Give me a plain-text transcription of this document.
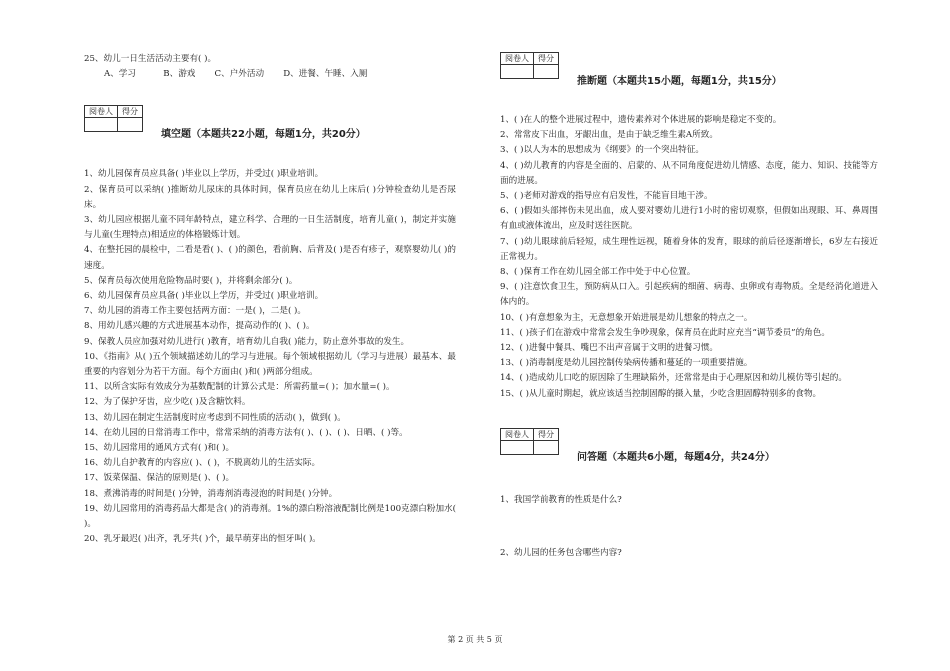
25、幼儿一日生活活动主要有( )。
A、学习          B、游戏       C、户外活动       D、进餐、午睡、入厕
阅卷人	得分

填空题（本题共22小题，每题1分，共20分）
1、幼儿园保育员应具备( )毕业以上学历，并受过( )职业培训。
2、保育员可以采纳( )推断幼儿尿床的具体时间，保育员应在幼儿上床后( )分钟检查幼儿是否尿床。
3、幼儿园应根据儿童不同年龄特点，建立科学、合理的一日生活制度，培育儿童( )，制定并实施与儿童(生理特点)相适应的体格锻炼计划。
4、在整托园的晨检中，二看是看( )、( )的颜色，看前胸、后背及( )是否有疹子，观察婴幼儿( )的速度。
5、保育员每次使用危险物品时要( )，并将剩余部分( )。
6、幼儿园保育员应具备( )毕业以上学历，并受过( )职业培训。
7、幼儿园的消毒工作主要包括两方面：一是( )，二是( )。
8、用幼儿感兴趣的方式进展基本动作，提高动作的( )、( )。
9、保教人员应加强对幼儿进行( )教育，培育幼儿自我( )能力，防止意外事故的发生。
10、《指南》从( )五个领域描述幼儿的学习与进展。每个领域根据幼儿（学习与进展）最基本、最重要的内容划分为若干方面。每个方面由( )和( )两部分组成。
11、以所含实际有效成分为基数配制的计算公式是：所需药量=( )；加水量=( )。
12、为了保护牙齿，应少吃( )及含糖饮料。
13、幼儿园在制定生活制度时应考虑到不同性质的活动( )，做到( )。
14、在幼儿园的日常消毒工作中，常常采纳的消毒方法有( )、( )、( )、日晒、( )等。
15、幼儿园常用的通风方式有( )和( )。
16、幼儿自护教育的内容应( )、( )，不脱离幼儿的生活实际。
17、饭菜保温、保洁的原则是( )、( )。
18、煮沸消毒的时间是( )分钟，消毒剂消毒浸泡的时间是( )分钟。
19、幼儿园常用的消毒药品大都是含( )的消毒剂。1%的漂白粉溶液配制比例是100克漂白粉加水( )。
20、乳牙最迟( )出齐，乳牙共( )个，最早萌芽出的恒牙叫( )。
阅卷人	得分

推断题（本题共15小题，每题1分，共15分）
1、( )在人的整个进展过程中，遗传素养对个体进展的影响是稳定不变的。
2、常常皮下出血，牙龈出血，是由于缺乏维生素A所致。
3、( )以人为本的思想成为《纲要》的一个突出特征。
4、( )幼儿教育的内容是全面的、启蒙的、从不同角度促进幼儿情感、态度，能力、知识、技能等方面的进展。
5、( )老师对游戏的指导应有启发性，不能盲目地干涉。
6、( )假如头部摔伤未见出血，成人要对婴幼儿进行1小时的密切观察，但假如出现眼、耳、鼻周围有血或液体流出，应及时送往医院。
7、( )幼儿眼球前后轻短，成生理性远视，随着身体的发育，眼球的前后径逐渐增长，6岁左右接近正常视力。
8、( )保育工作在幼儿园全部工作中处于中心位置。
9、( )注意饮食卫生，预防病从口入。引起疾病的细菌、病毒、虫卵或有毒物质。全是经消化道进入体内的。
10、( )有意想象为主，无意想象开始进展是幼儿想象的特点之一。
11、( )孩子们在游戏中常常会发生争吵现象，保育员在此时应充当“调节委员”的角色。
12、( )进餐中餐具、嘴巴不出声音属于文明的进餐习惯。
13、( )消毒制度是幼儿园控制传染病传播和蔓延的一项重要措施。
14、( )造成幼儿口吃的原因除了生理缺陷外，还常常是由于心理原因和幼儿模仿等引起的。
15、( )从儿童时期起，就应该适当控制固醇的摄入量，少吃含胆固醇特别多的食物。
阅卷人	得分

问答题（本题共6小题，每题4分，共24分）
1、我国学前教育的性质是什么?
2、幼儿园的任务包含哪些内容?
第 2 页 共 5 页
